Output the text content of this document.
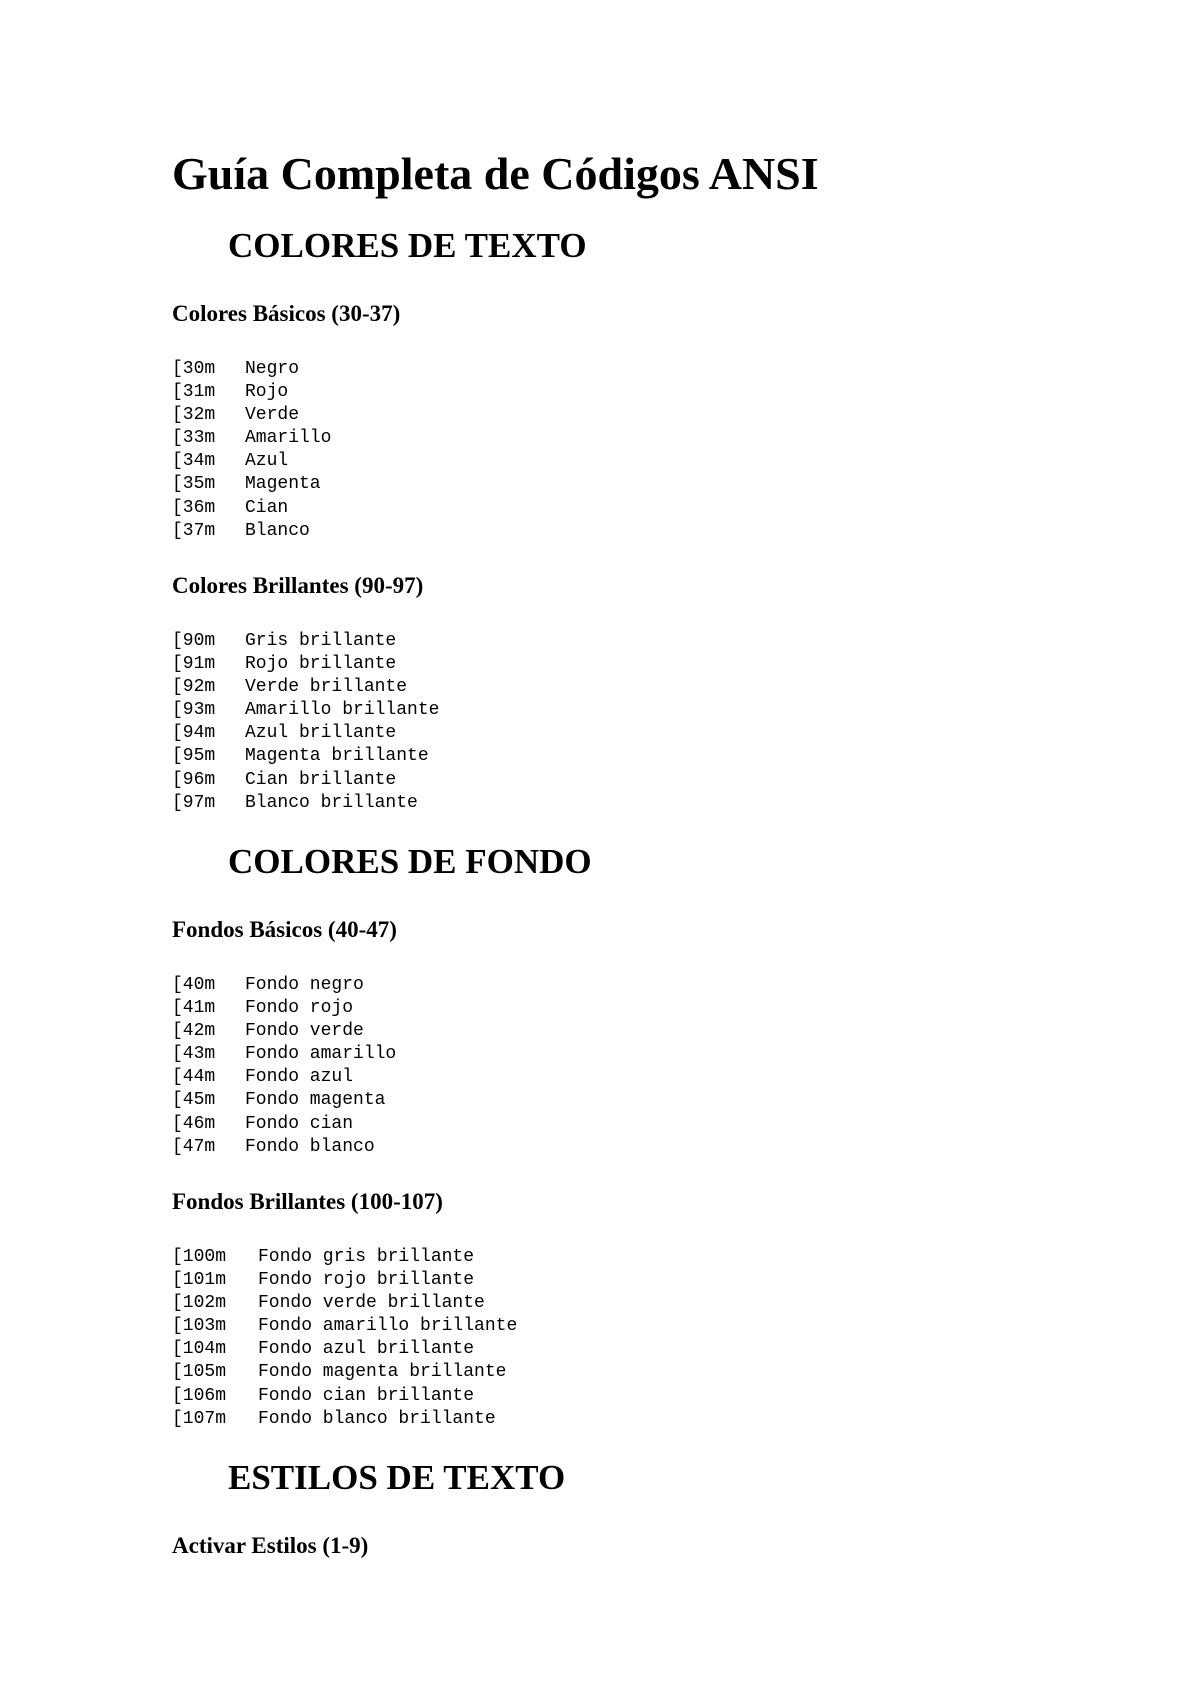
Guía Completa de Códigos ANSI
COLORES DE TEXTO
Colores Básicos (30-37)
[30m Negro
[31m Rojo
[32m Verde
[33m Amarillo
[34m Azul
[35m Magenta
[36m Cian
[37m Blanco
Colores Brillantes (90-97)
[90m Gris brillante
[91m Rojo brillante
[92m Verde brillante
[93m Amarillo brillante
[94m Azul brillante
[95m Magenta brillante
[96m Cian brillante
[97m Blanco brillante
COLORES DE FONDO
Fondos Básicos (40-47)
[40m Fondo negro
[41m Fondo rojo
[42m Fondo verde
[43m Fondo amarillo
[44m Fondo azul
[45m Fondo magenta
[46m Fondo cian
[47m Fondo blanco
Fondos Brillantes (100-107)
[100m Fondo gris brillante
[101m Fondo rojo brillante
[102m Fondo verde brillante
[103m Fondo amarillo brillante
[104m Fondo azul brillante
[105m Fondo magenta brillante
[106m Fondo cian brillante
[107m Fondo blanco brillante
ESTILOS DE TEXTO
Activar Estilos (1-9)
